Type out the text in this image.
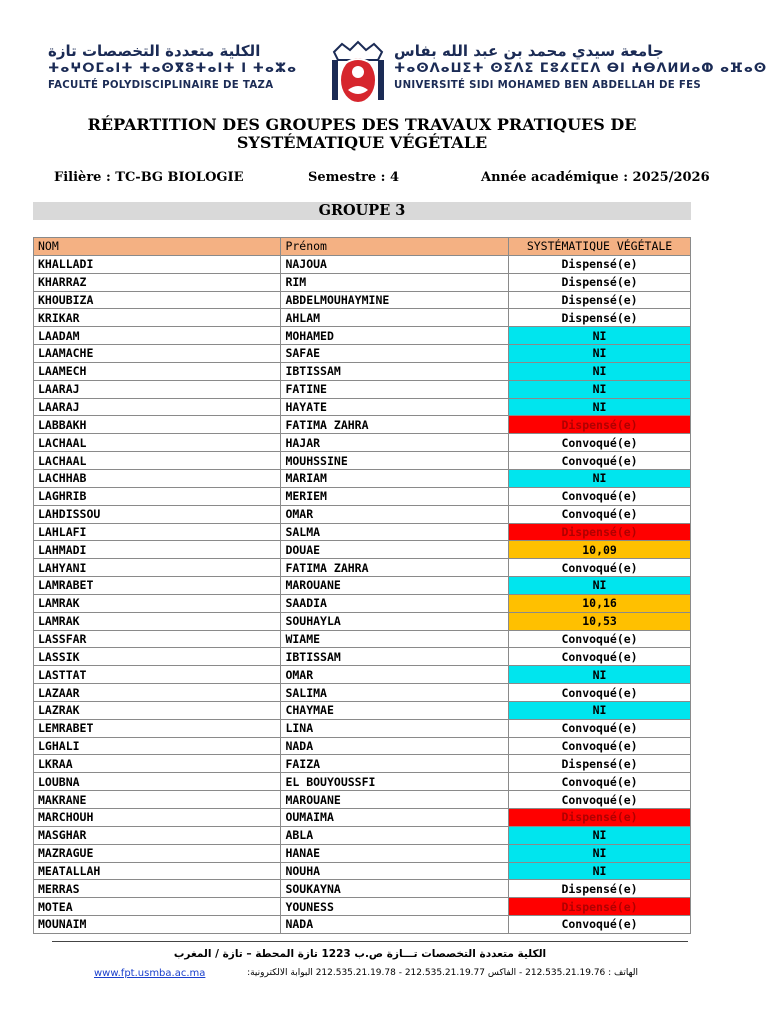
الكلية متعددة التخصصات تازة
ⵜⴰⵖⵔⵎⴰⵏⵜ ⵜⴰⵙⴳⵓⵜⴰⵏⵜ ⵏ ⵜⴰⵣⴰ
FACULTÉ POLYDISCIPLINAIRE DE TAZA
جامعة سيدي محمد بن عبد الله بفاس
ⵜⴰⵙⴷⴰⵡⵉⵜ ⵙⵉⴷⵉ ⵎⵓⵃⵎⵎⴷ ⴱⵏ ⵄⴱⴷⵍⵍⴰⵀ ⴰⴼⴰⵙ
UNIVERSITÉ SIDI MOHAMED BEN ABDELLAH DE FES
RÉPARTITION DES GROUPES DES TRAVAUX PRATIQUES DE
SYSTÉMATIQUE VÉGÉTALE
Filière : TC-BG BIOLOGIE	Semestre : 4	Année académique : 2025/2026
GROUPE 3
NOM	Prénom	SYSTÉMATIQUE VÉGÉTALE
KHALLADI	NAJOUA	Dispensé(e)
KHARRAZ	RIM	Dispensé(e)
KHOUBIZA	ABDELMOUHAYMINE	Dispensé(e)
KRIKAR	AHLAM	Dispensé(e)
LAADAM	MOHAMED	NI
LAAMACHE	SAFAE	NI
LAAMECH	IBTISSAM	NI
LAARAJ	FATINE	NI
LAARAJ	HAYATE	NI
LABBAKH	FATIMA ZAHRA	Dispensé(e)
LACHAAL	HAJAR	Convoqué(e)
LACHAAL	MOUHSSINE	Convoqué(e)
LACHHAB	MARIAM	NI
LAGHRIB	MERIEM	Convoqué(e)
LAHDISSOU	OMAR	Convoqué(e)
LAHLAFI	SALMA	Dispensé(e)
LAHMADI	DOUAE	10,09
LAHYANI	FATIMA ZAHRA	Convoqué(e)
LAMRABET	MAROUANE	NI
LAMRAK	SAADIA	10,16
LAMRAK	SOUHAYLA	10,53
LASSFAR	WIAME	Convoqué(e)
LASSIK	IBTISSAM	Convoqué(e)
LASTTAT	OMAR	NI
LAZAAR	SALIMA	Convoqué(e)
LAZRAK	CHAYMAE	NI
LEMRABET	LINA	Convoqué(e)
LGHALI	NADA	Convoqué(e)
LKRAA	FAIZA	Dispensé(e)
LOUBNA	EL BOUYOUSSFI	Convoqué(e)
MAKRANE	MAROUANE	Convoqué(e)
MARCHOUH	OUMAIMA	Dispensé(e)
MASGHAR	ABLA	NI
MAZRAGUE	HANAE	NI
MEATALLAH	NOUHA	NI
MERRAS	SOUKAYNA	Dispensé(e)
MOTEA	YOUNESS	Dispensé(e)
MOUNAIM	NADA	Convoqué(e)
الكلية متعددة التخصصات تـــازة ص.ب 1223 تازة المحطة – تازة / المغرب
الهاتف : 212.535.21.19.76 - الفاكس 212.535.21.19.77 - 212.535.21.19.78 البوابة الالكترونية:
www.fpt.usmba.ac.ma
